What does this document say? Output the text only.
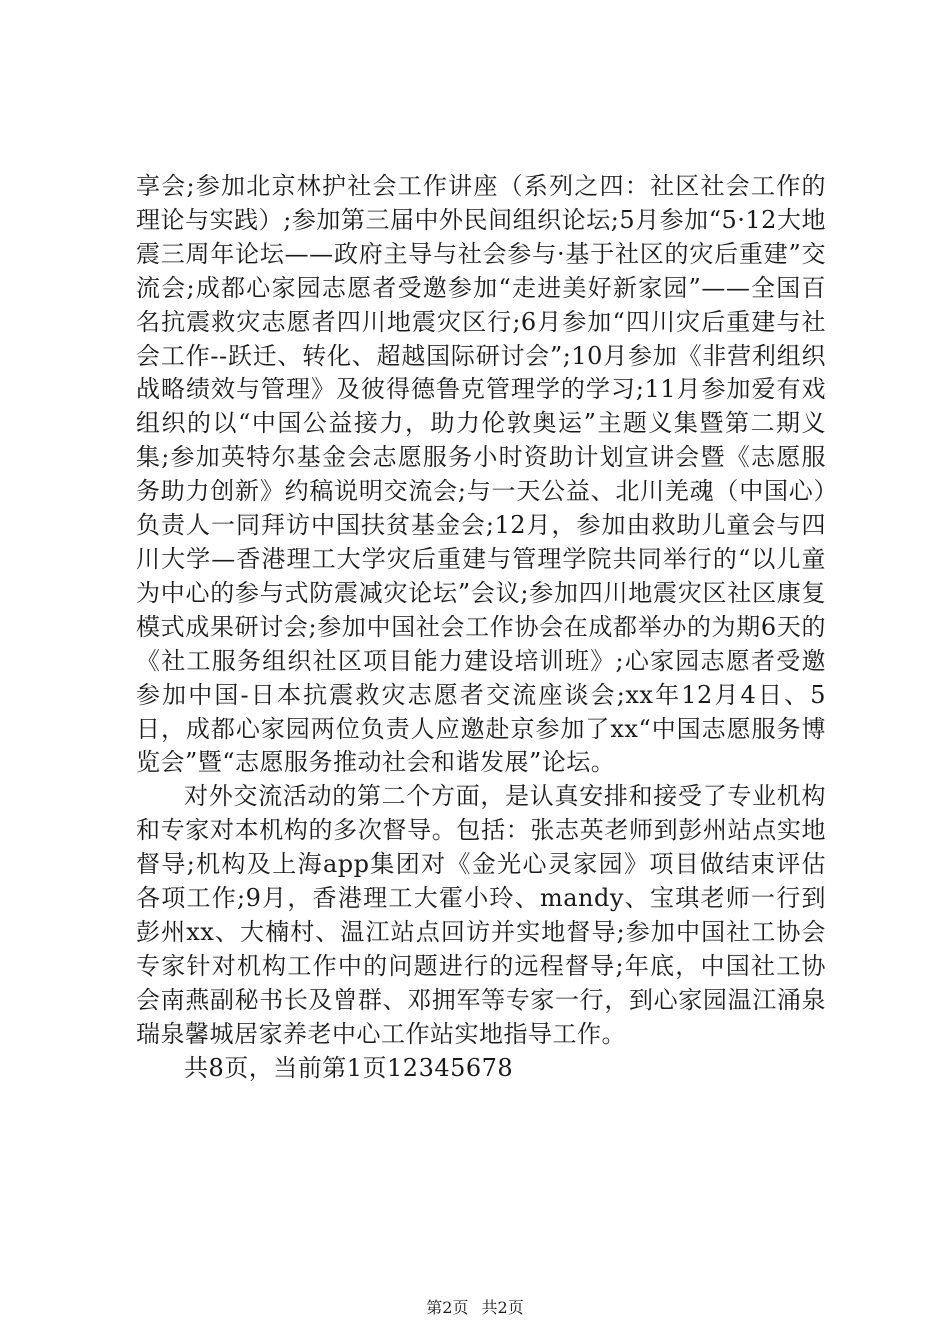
享会;参加北京林护社会工作讲座（系列之四：社区社会工作的理论与实践）;参加第三届中外民间组织论坛;5月参加“5·12大地震三周年论坛——政府主导与社会参与·基于社区的灾后重建”交流会;成都心家园志愿者受邀参加“走进美好新家园”——全国百名抗震救灾志愿者四川地震灾区行;6月参加“四川灾后重建与社会工作--跃迁、转化、超越国际研讨会”;10月参加《非营利组织战略绩效与管理》及彼得德鲁克管理学的学习;11月参加爱有戏组织的以“中国公益接力，助力伦敦奥运”主题义集暨第二期义集;参加英特尔基金会志愿服务小时资助计划宣讲会暨《志愿服务助力创新》约稿说明交流会;与一天公益、北川羌魂（中国心）负责人一同拜访中国扶贫基金会;12月，参加由救助儿童会与四川大学—香港理工大学灾后重建与管理学院共同举行的“以儿童为中心的参与式防震减灾论坛”会议;参加四川地震灾区社区康复模式成果研讨会;参加中国社会工作协会在成都举办的为期6天的《社工服务组织社区项目能力建设培训班》;心家园志愿者受邀参加中国-日本抗震救灾志愿者交流座谈会;xx年12月4日、5日，成都心家园两位负责人应邀赴京参加了xx“中国志愿服务博览会”暨“志愿服务推动社会和谐发展”论坛。

对外交流活动的第二个方面，是认真安排和接受了专业机构和专家对本机构的多次督导。包括：张志英老师到彭州站点实地督导;机构及上海app集团对《金光心灵家园》项目做结束评估各项工作;9月，香港理工大霍小玲、mandy、宝琪老师一行到彭州xx、大楠村、温江站点回访并实地督导;参加中国社工协会专家针对机构工作中的问题进行的远程督导;年底，中国社工协会南燕副秘书长及曾群、邓拥军等专家一行，到心家园温江涌泉瑞泉馨城居家养老中心工作站实地指导工作。

共8页，当前第1页12345678

第2页 共2页
